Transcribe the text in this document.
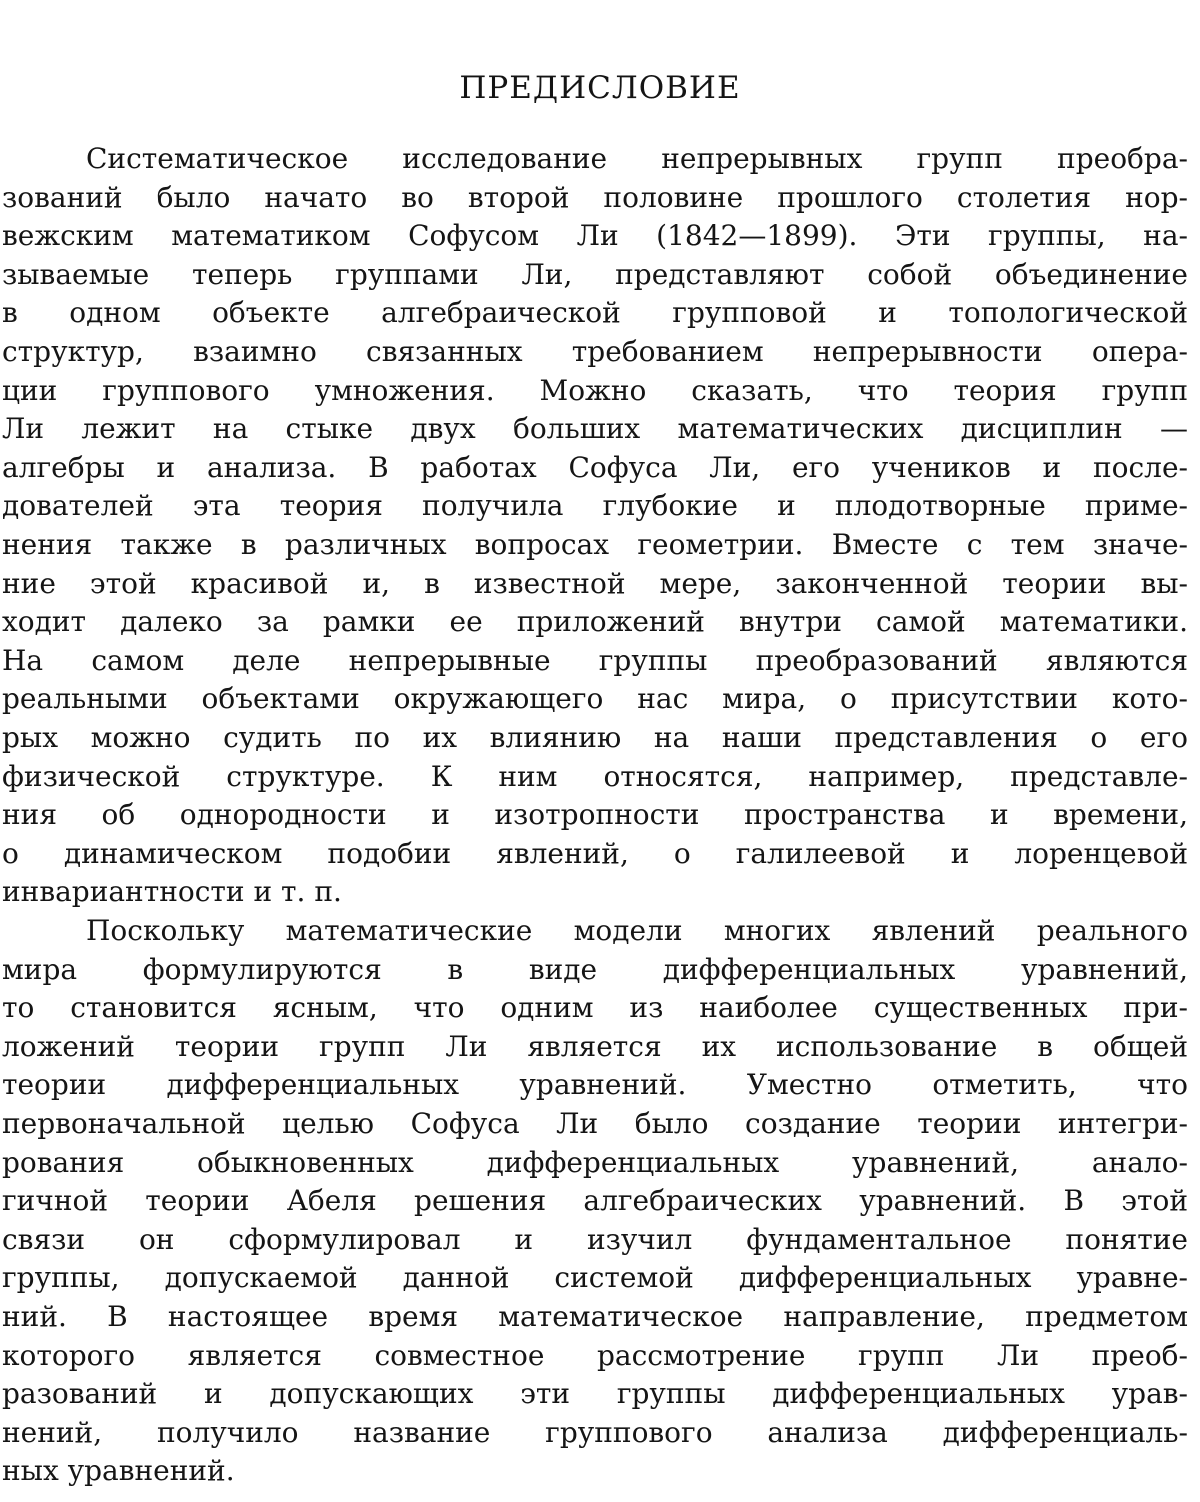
ПРЕДИСЛОВИЕ
Систематическое исследование непрерывных групп преобра-
зований было начато во второй половине прошлого столетия нор-
вежским математиком Софусом Ли (1842—1899). Эти группы, на-
зываемые теперь группами Ли, представляют собой объединение
в одном объекте алгебраической групповой и топологической
структур, взаимно связанных требованием непрерывности опера-
ции группового умножения. Можно сказать, что теория групп
Ли лежит на стыке двух больших математических дисциплин —
алгебры и анализа. В работах Софуса Ли, его учеников и после-
дователей эта теория получила глубокие и плодотворные приме-
нения также в различных вопросах геометрии. Вместе с тем значе-
ние этой красивой и, в известной мере, законченной теории вы-
ходит далеко за рамки ее приложений внутри самой математики.
На самом деле непрерывные группы преобразований являются
реальными объектами окружающего нас мира, о присутствии кото-
рых можно судить по их влиянию на наши представления о его
физической структуре. К ним относятся, например, представле-
ния об однородности и изотропности пространства и времени,
о динамическом подобии явлений, о галилеевой и лоренцевой
инвариантности и т. п.
Поскольку математические модели многих явлений реального
мира формулируются в виде дифференциальных уравнений,
то становится ясным, что одним из наиболее существенных при-
ложений теории групп Ли является их использование в общей
теории дифференциальных уравнений. Уместно отметить, что
первоначальной целью Софуса Ли было создание теории интегри-
рования обыкновенных дифференциальных уравнений, анало-
гичной теории Абеля решения алгебраических уравнений. В этой
связи он сформулировал и изучил фундаментальное понятие
группы, допускаемой данной системой дифференциальных уравне-
ний. В настоящее время математическое направление, предметом
которого является совместное рассмотрение групп Ли преоб-
разований и допускающих эти группы дифференциальных урав-
нений, получило название группового анализа дифференциаль-
ных уравнений.
